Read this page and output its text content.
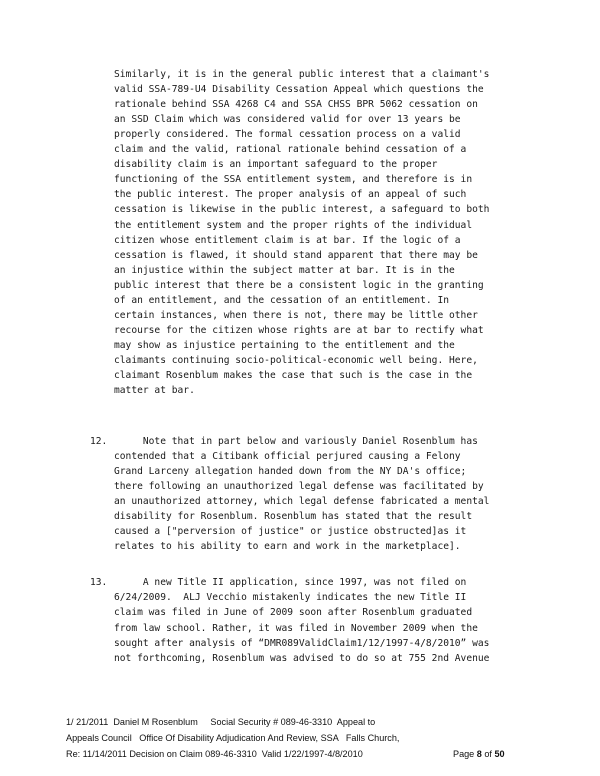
Similarly, it is in the general public interest that a claimant's
valid SSA-789-U4 Disability Cessation Appeal which questions the
rationale behind SSA 4268 C4 and SSA CHSS BPR 5062 cessation on
an SSD Claim which was considered valid for over 13 years be
properly considered. The formal cessation process on a valid
claim and the valid, rational rationale behind cessation of a
disability claim is an important safeguard to the proper
functioning of the SSA entitlement system, and therefore is in
the public interest. The proper analysis of an appeal of such
cessation is likewise in the public interest, a safeguard to both
the entitlement system and the proper rights of the individual
citizen whose entitlement claim is at bar. If the logic of a
cessation is flawed, it should stand apparent that there may be
an injustice within the subject matter at bar. It is in the
public interest that there be a consistent logic in the granting
of an entitlement, and the cessation of an entitlement. In
certain instances, when there is not, there may be little other
recourse for the citizen whose rights are at bar to rectify what
may show as injustice pertaining to the entitlement and the
claimants continuing socio-political-economic well being. Here,
claimant Rosenblum makes the case that such is the case in the
matter at bar.
12. Note that in part below and variously Daniel Rosenblum has
contended that a Citibank official perjured causing a Felony
Grand Larceny allegation handed down from the NY DA's office;
there following an unauthorized legal defense was facilitated by
an unauthorized attorney, which legal defense fabricated a mental
disability for Rosenblum. Rosenblum has stated that the result
caused a ["perversion of justice" or justice obstructed]as it
relates to his ability to earn and work in the marketplace].
13. A new Title II application, since 1997, was not filed on
6/24/2009.  ALJ Vecchio mistakenly indicates the new Title II
claim was filed in June of 2009 soon after Rosenblum graduated
from law school. Rather, it was filed in November 2009 when the
sought after analysis of “DMR089ValidClaim1/12/1997-4/8/2010” was
not forthcoming, Rosenblum was advised to do so at 755 2nd Avenue
1/ 21/2011  Daniel M Rosenblum     Social Security # 089-46-3310  Appeal to
Appeals Council   Office Of Disability Adjudication And Review, SSA   Falls Church,
Re: 11/14/2011 Decision on Claim 089-46-3310  Valid 1/22/1997-4/8/2010	Page 8 of 50
